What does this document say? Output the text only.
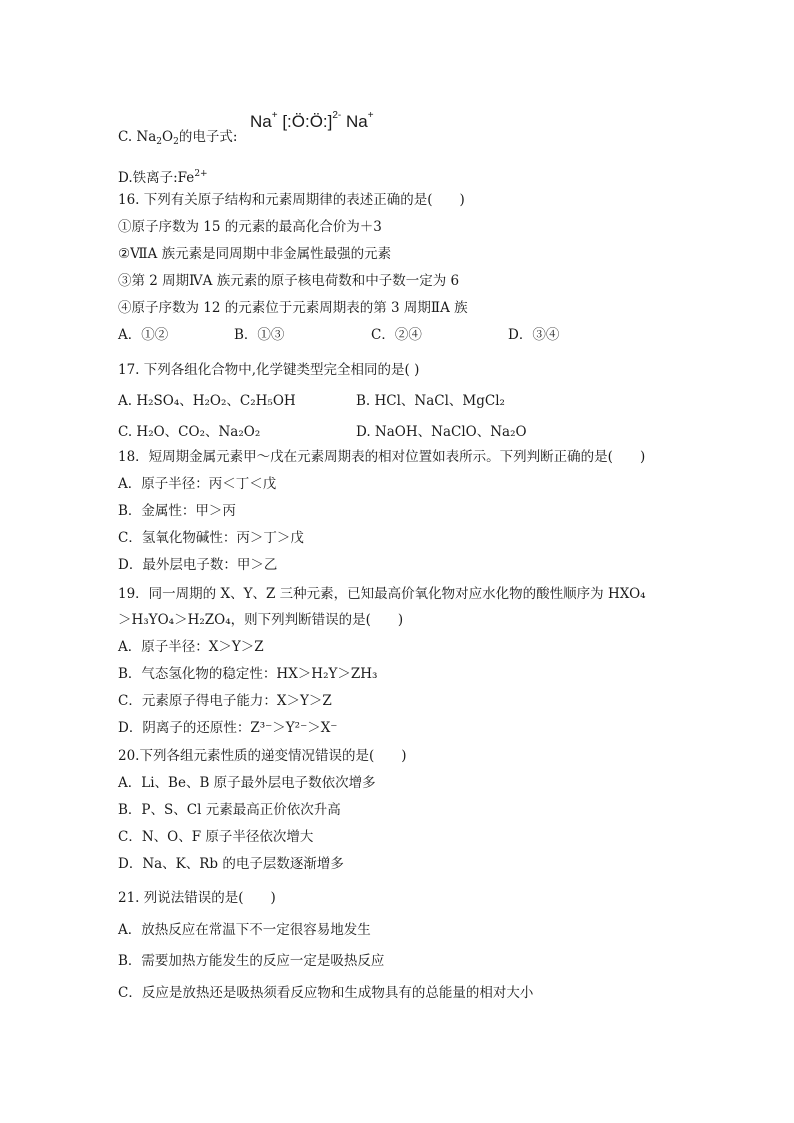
C. $Na_2O_2$的电子式:
Na+ [:Ö:Ö:]$^{2-}$ Na+
D.铁离子$:Fe^{2+}$
16. 下列有关原子结构和元素周期律的表述正确的是(　　)
①原子序数为 15 的元素的最高化合价为＋3
②ⅦA 族元素是同周期中非金属性最强的元素
③第 2 周期ⅣA 族元素的原子核电荷数和中子数一定为 6
④原子序数为 12 的元素位于元素周期表的第 3 周期ⅡA 族
A．①②	B．①③	C．②④	D．③④
17. 下列各组化合物中,化学键类型完全相同的是( )
A. H₂SO₄、H₂O₂、C₂H₅OH	B. HCl、NaCl、MgCl₂
C. H₂O、CO₂、Na₂O₂	D. NaOH、NaClO、Na₂O
18．短周期金属元素甲～戊在元素周期表的相对位置如表所示。下列判断正确的是(　　)
A．原子半径：丙＜丁＜戊
B．金属性：甲＞丙
C．氢氧化物碱性：丙＞丁＞戊
D．最外层电子数：甲＞乙
19．同一周期的 X、Y、Z 三种元素，已知最高价氧化物对应水化物的酸性顺序为 HXO₄
＞H₃YO₄＞H₂ZO₄，则下列判断错误的是(　　)
A．原子半径：X＞Y＞Z
B．气态氢化物的稳定性：HX＞H₂Y＞ZH₃
C．元素原子得电子能力：X＞Y＞Z
D．阴离子的还原性：Z³⁻＞Y²⁻＞X⁻
20.下列各组元素性质的递变情况错误的是(　　)
A．Li、Be、B 原子最外层电子数依次增多
B．P、S、Cl 元素最高正价依次升高
C．N、O、F 原子半径依次增大
D．Na、K、Rb 的电子层数逐渐增多
21. 列说法错误的是(　　)
A．放热反应在常温下不一定很容易地发生
B．需要加热方能发生的反应一定是吸热反应
C．反应是放热还是吸热须看反应物和生成物具有的总能量的相对大小
